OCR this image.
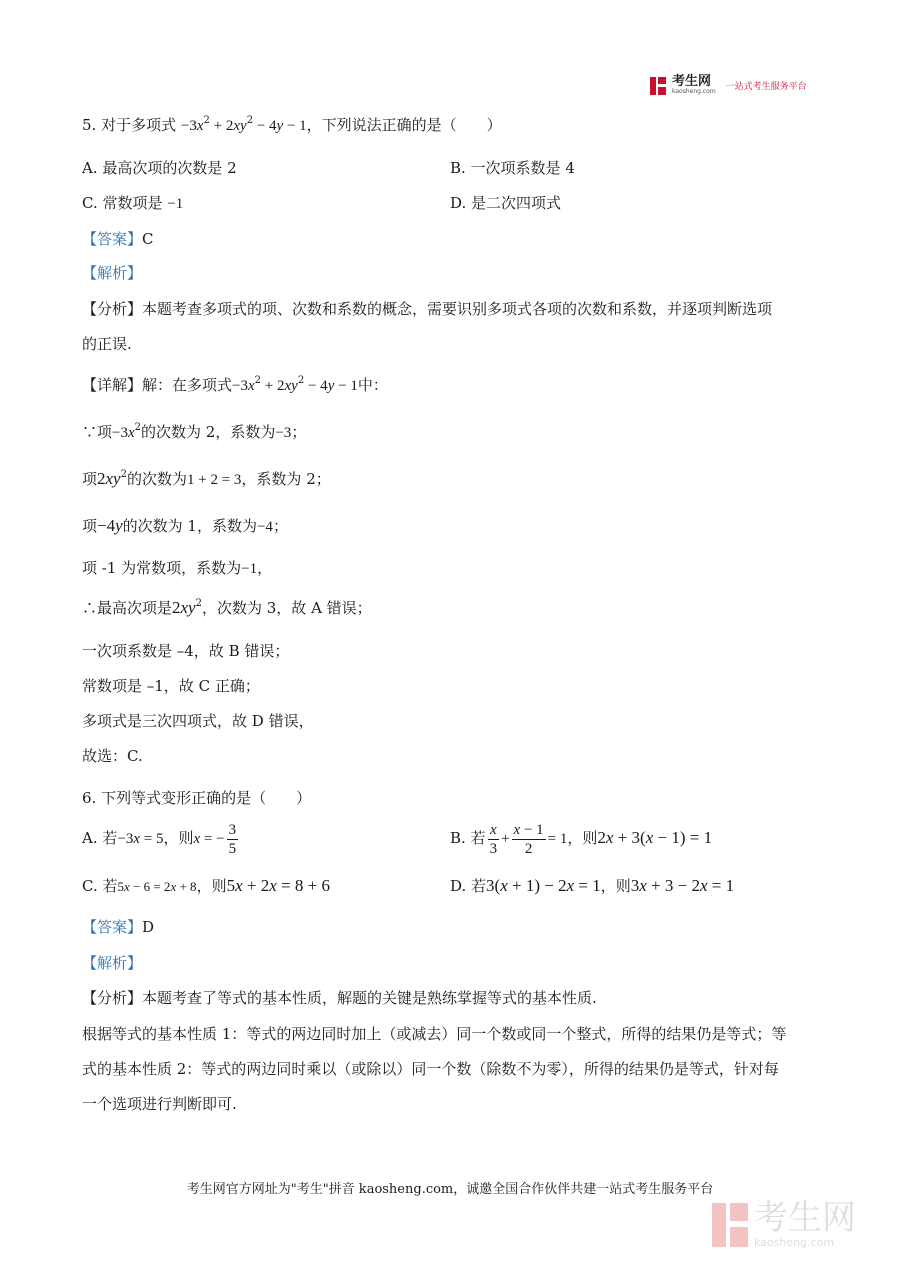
考生网
kaosheng.com 一站式考生服务平台
5. 对于多项式 $-3x^2 + 2xy^2 - 4y - 1$，下列说法正确的是（　　）
A. 最高次项的次数是 2	B. 一次项系数是 4
C. 常数项是 −1	D. 是二次四项式
【答案】C
【解析】
【分析】本题考查多项式的项、次数和系数的概念，需要识别多项式各项的次数和系数，并逐项判断选项
的正误.
【详解】解：在多项式$-3x^2 + 2xy^2 - 4y - 1$中：
∵项$-3x^2$的次数为 2，系数为−3；
项$2xy^2$的次数为1 + 2 = 3，系数为 2；
项−4y的次数为 1，系数为−4；
项 -1 为常数项，系数为−1，
∴最高次项是$2xy^2$，次数为 3，故 A 错误；
一次项系数是 –4，故 B 错误；
常数项是 –1，故 C 正确；
多项式是三次四项式，故 D 错误，
故选：C.
6. 下列等式变形正确的是（　　）
A. 若−3x = 5，则x = − $\frac{3}{5}$	B. 若 $\frac{x}{3} + \frac{x - 1}{2} = 1$，则2x + 3(x − 1) = 1
C. 若5x − 6 = 2x + 8，则5x + 2x = 8 + 6	D. 若3(x + 1) − 2x = 1，则3x + 3 − 2x = 1
【答案】D
【解析】
【分析】本题考查了等式的基本性质，解题的关键是熟练掌握等式的基本性质.
根据等式的基本性质 1：等式的两边同时加上（或减去）同一个数或同一个整式，所得的结果仍是等式；等
式的基本性质 2：等式的两边同时乘以（或除以）同一个数（除数不为零），所得的结果仍是等式，针对每
一个选项进行判断即可.
考生网官方网址为"考生"拼音 kaosheng.com，诚邀全国合作伙伴共建一站式考生服务平台
考生网
kaosheng.com
